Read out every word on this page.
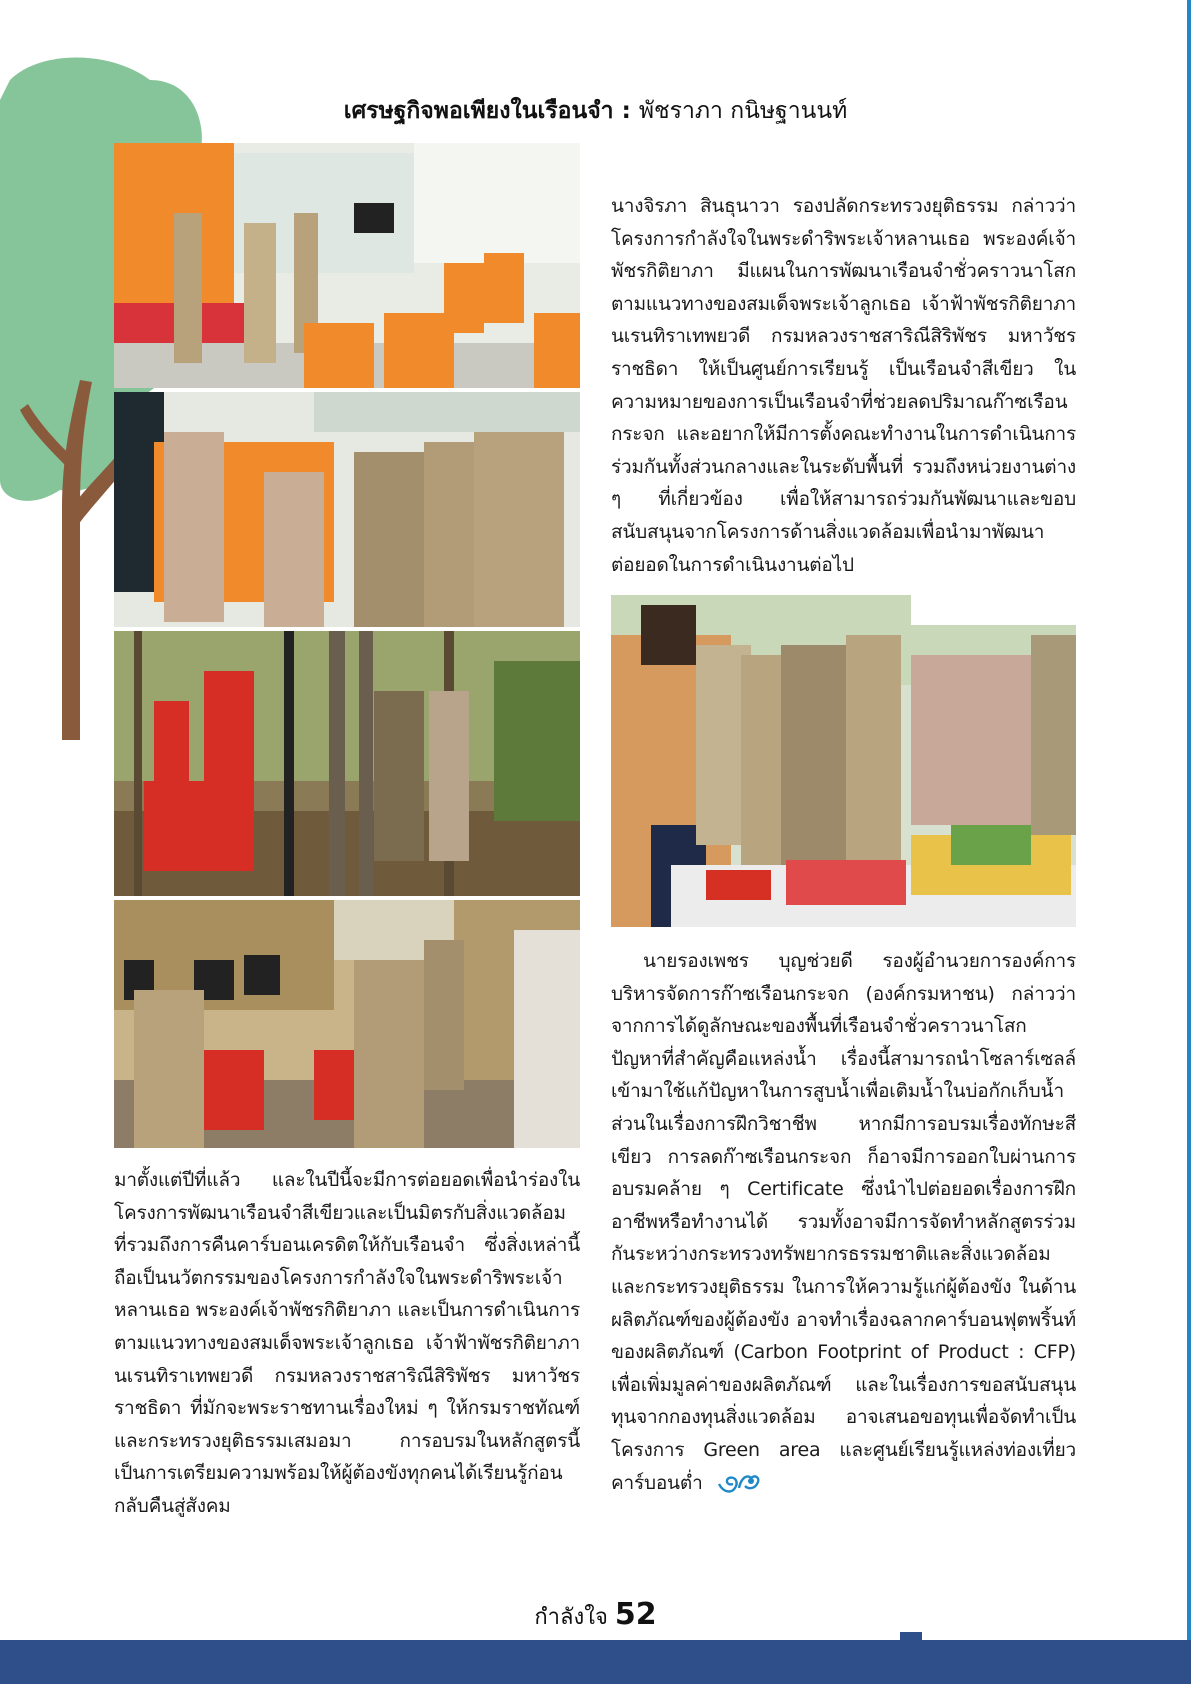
เศรษฐกิจพอเพียงในเรือนจำ : พัชราภา กนิษฐานนท์
นางจิรภา สินธุนาวา รองปลัดกระทรวงยุติธรรม กล่าวว่า โครงการกำลังใจในพระดำริพระเจ้าหลานเธอ พระองค์เจ้าพัชรกิติยาภา มีแผนในการพัฒนาเรือนจำชั่วคราวนาโสก ตามแนวทางของสมเด็จพระเจ้าลูกเธอ เจ้าฟ้าพัชรกิติยาภา นเรนทิราเทพยวดี กรมหลวงราชสาริณีสิริพัชร มหาวัชรราชธิดา ให้เป็นศูนย์การเรียนรู้ เป็นเรือนจำสีเขียว ในความหมายของการเป็นเรือนจำที่ช่วยลดปริมาณก๊าซเรือนกระจก และอยากให้มีการตั้งคณะทำงานในการดำเนินการร่วมกันทั้งส่วนกลางและในระดับพื้นที่ รวมถึงหน่วยงานต่าง ๆ ที่เกี่ยวข้อง เพื่อให้สามารถร่วมกันพัฒนาและขอบสนับสนุนจากโครงการด้านสิ่งแวดล้อมเพื่อนำมาพัฒนาต่อยอดในการดำเนินงานต่อไป
นายรองเพชร บุญช่วยดี รองผู้อำนวยการองค์การบริหารจัดการก๊าซเรือนกระจก (องค์กรมหาชน) กล่าวว่า จากการได้ดูลักษณะของพื้นที่เรือนจำชั่วคราวนาโสก ปัญหาที่สำคัญคือแหล่งน้ำ เรื่องนี้สามารถนำโซลาร์เซลล์เข้ามาใช้แก้ปัญหาในการสูบน้ำเพื่อเติมน้ำในบ่อกักเก็บน้ำ ส่วนในเรื่องการฝึกวิชาชีพ หากมีการอบรมเรื่องทักษะสีเขียว การลดก๊าซเรือนกระจก ก็อาจมีการออกใบผ่านการอบรมคล้าย ๆ Certificate ซึ่งนำไปต่อยอดเรื่องการฝึกอาชีพหรือทำงานได้ รวมทั้งอาจมีการจัดทำหลักสูตรร่วมกันระหว่างกระทรวงทรัพยากรธรรมชาติและสิ่งแวดล้อมและกระทรวงยุติธรรม ในการให้ความรู้แก่ผู้ต้องขัง ในด้านผลิตภัณฑ์ของผู้ต้องขัง อาจทำเรื่องฉลากคาร์บอนฟุตพริ้นท์ของผลิตภัณฑ์ (Carbon Footprint of Product : CFP) เพื่อเพิ่มมูลค่าของผลิตภัณฑ์ และในเรื่องการขอสนับสนุนทุนจากกองทุนสิ่งแวดล้อม อาจเสนอขอทุนเพื่อจัดทำเป็นโครงการ Green area และศูนย์เรียนรู้แหล่งท่องเที่ยวคาร์บอนต่ำ
มาตั้งแต่ปีที่แล้ว และในปีนี้จะมีการต่อยอดเพื่อนำร่องในโครงการพัฒนาเรือนจำสีเขียวและเป็นมิตรกับสิ่งแวดล้อม ที่รวมถึงการคืนคาร์บอนเครดิตให้กับเรือนจำ ซึ่งสิ่งเหล่านี้ถือเป็นนวัตกรรมของโครงการกำลังใจในพระดำริพระเจ้าหลานเธอ พระองค์เจ้าพัชรกิติยาภา และเป็นการดำเนินการตามแนวทางของสมเด็จพระเจ้าลูกเธอ เจ้าฟ้าพัชรกิติยาภา นเรนทิราเทพยวดี กรมหลวงราชสาริณีสิริพัชร มหาวัชรราชธิดา ที่มักจะพระราชทานเรื่องใหม่ ๆ ให้กรมราชทัณฑ์และกระทรวงยุติธรรมเสมอมา การอบรมในหลักสูตรนี้เป็นการเตรียมความพร้อมให้ผู้ต้องขังทุกคนได้เรียนรู้ก่อนกลับคืนสู่สังคม
กำลังใจ 52
